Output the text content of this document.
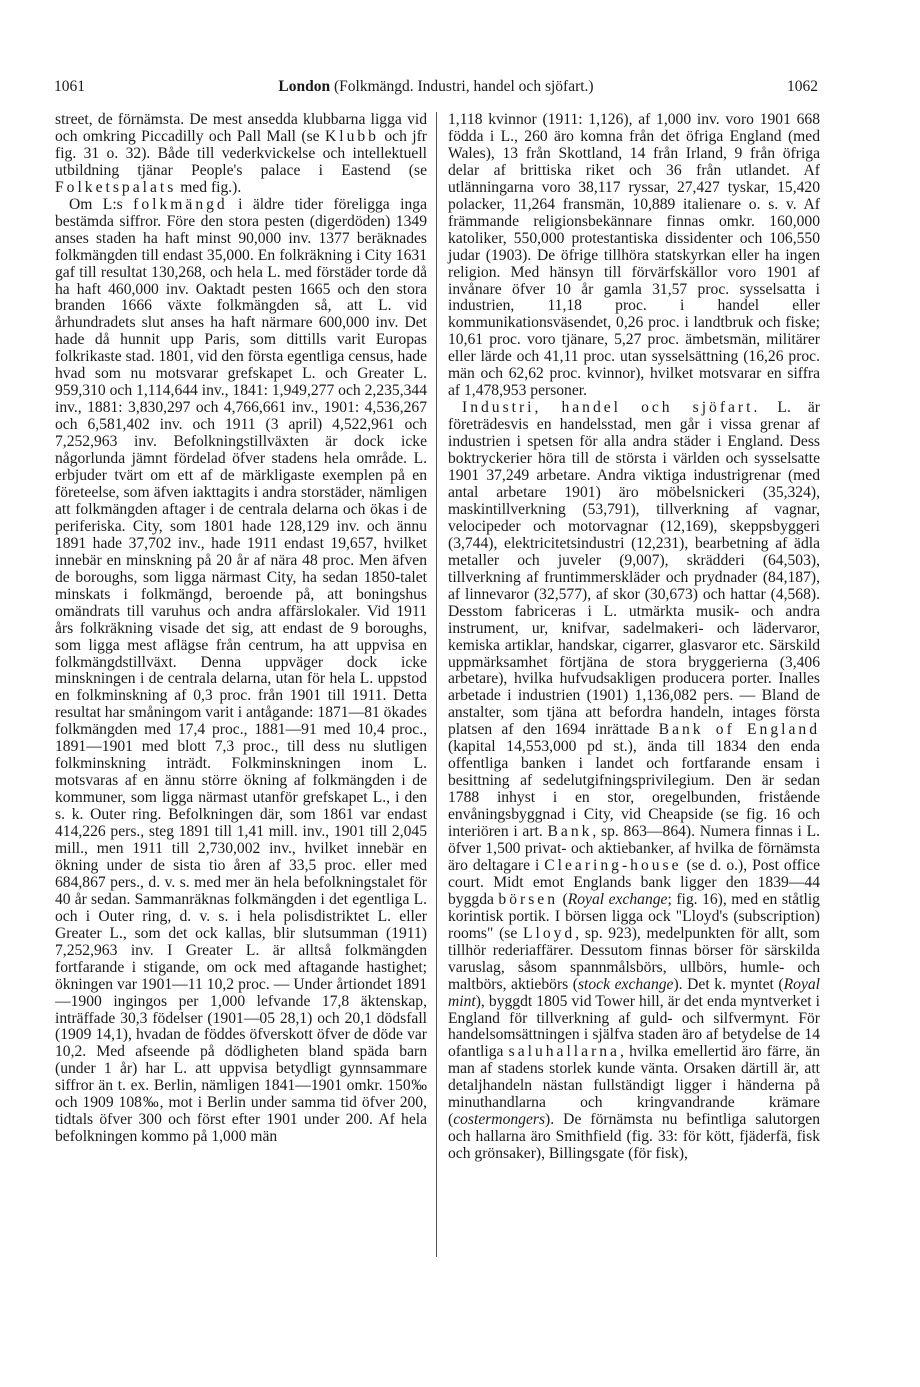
1061	London (Folkmängd. Industri, handel och sjöfart.)	1062

street, de förnämsta. De mest ansedda klubbarna ligga vid och omkring Piccadilly och Pall Mall (se Klubb och jfr fig. 31 o. 32). Både till vederkvickelse och intellektuell utbildning tjänar People's palace i Eastend (se Folketspalats med fig.).

Om L:s folkmängd i äldre tider föreligga inga bestämda siffror. Före den stora pesten (digerdöden) 1349 anses staden ha haft minst 90,000 inv. 1377 beräknades folkmängden till endast 35,000. En folkräkning i City 1631 gaf till resultat 130,268, och hela L. med förstäder torde då ha haft 460,000 inv. Oaktadt pesten 1665 och den stora branden 1666 växte folkmängden så, att L. vid århundradets slut anses ha haft närmare 600,000 inv. Det hade då hunnit upp Paris, som dittills varit Europas folkrikaste stad. 1801, vid den första egentliga census, hade hvad som nu motsvarar grefskapet L. och Greater L. 959,310 och 1,114,644 inv., 1841: 1,949,277 och 2,235,344 inv., 1881: 3,830,297 och 4,766,661 inv., 1901: 4,536,267 och 6,581,402 inv. och 1911 (3 april) 4,522,961 och 7,252,963 inv. Befolkningstillväxten är dock icke någorlunda jämnt fördelad öfver stadens hela område. L. erbjuder tvärt om ett af de märkligaste exemplen på en företeelse, som äfven iakttagits i andra storstäder, nämligen att folkmängden aftager i de centrala delarna och ökas i de periferiska. City, som 1801 hade 128,129 inv. och ännu 1891 hade 37,702 inv., hade 1911 endast 19,657, hvilket innebär en minskning på 20 år af nära 48 proc. Men äfven de boroughs, som ligga närmast City, ha sedan 1850-talet minskats i folkmängd, beroende på, att boningshus omändrats till varuhus och andra affärslokaler. Vid 1911 års folkräkning visade det sig, att endast de 9 boroughs, som ligga mest aflägse från centrum, ha att uppvisa en folkmängdstillväxt. Denna uppväger dock icke minskningen i de centrala delarna, utan för hela L. uppstod en folkminskning af 0,3 proc. från 1901 till 1911. Detta resultat har småningom varit i antågande: 1871—81 ökades folkmängden med 17,4 proc., 1881—91 med 10,4 proc., 1891—1901 med blott 7,3 proc., till dess nu slutligen folkminskning inträdt. Folkminskningen inom L. motsvaras af en ännu större ökning af folkmängden i de kommuner, som ligga närmast utanför grefskapet L., i den s. k. Outer ring. Befolkningen där, som 1861 var endast 414,226 pers., steg 1891 till 1,41 mill. inv., 1901 till 2,045 mill., men 1911 till 2,730,002 inv., hvilket innebär en ökning under de sista tio åren af 33,5 proc. eller med 684,867 pers., d. v. s. med mer än hela befolkningstalet för 40 år sedan. Sammanräknas folkmängden i det egentliga L. och i Outer ring, d. v. s. i hela polisdistriktet L. eller Greater L., som det ock kallas, blir slutsumman (1911) 7,252,963 inv. I Greater L. är alltså folkmängden fortfarande i stigande, om ock med aftagande hastighet; ökningen var 1901—11 10,2 proc. — Under årtiondet 1891—1900 ingingos per 1,000 lefvande 17,8 äktenskap, inträffade 30,3 födelser (1901—05 28,1) och 20,1 dödsfall (1909 14,1), hvadan de föddes öfverskott öfver de döde var 10,2. Med afseende på dödligheten bland späda barn (under 1 år) har L. att uppvisa betydligt gynnsammare siffror än t. ex. Berlin, nämligen 1841—1901 omkr. 150‰ och 1909 108‰, mot i Berlin under samma tid öfver 200, tidtals öfver 300 och först efter 1901 under 200. Af hela befolkningen kommo på 1,000 män

1,118 kvinnor (1911: 1,126), af 1,000 inv. voro 1901 668 födda i L., 260 äro komna från det öfriga England (med Wales), 13 från Skottland, 14 från Irland, 9 från öfriga delar af brittiska riket och 36 från utlandet. Af utlänningarna voro 38,117 ryssar, 27,427 tyskar, 15,420 polacker, 11,264 fransmän, 10,889 italienare o. s. v. Af främmande religionsbekännare finnas omkr. 160,000 katoliker, 550,000 protestantiska dissidenter och 106,550 judar (1903). De öfrige tillhöra statskyrkan eller ha ingen religion. Med hänsyn till förvärfskällor voro 1901 af invånare öfver 10 år gamla 31,57 proc. sysselsatta i industrien, 11,18 proc. i handel eller kommunikationsväsendet, 0,26 proc. i landtbruk och fiske; 10,61 proc. voro tjänare, 5,27 proc. ämbetsmän, militärer eller lärde och 41,11 proc. utan sysselsättning (16,26 proc. män och 62,62 proc. kvinnor), hvilket motsvarar en siffra af 1,478,953 personer.

Industri, handel och sjöfart. L. är företrädesvis en handelsstad, men går i vissa grenar af industrien i spetsen för alla andra städer i England. Dess boktryckerier höra till de största i världen och sysselsatte 1901 37,249 arbetare. Andra viktiga industrigrenar (med antal arbetare 1901) äro möbelsnickeri (35,324), maskintillverkning (53,791), tillverkning af vagnar, velocipeder och motorvagnar (12,169), skeppsbyggeri (3,744), elektricitetsindustri (12,231), bearbetning af ädla metaller och juveler (9,007), skrädderi (64,503), tillverkning af fruntimmerskläder och prydnader (84,187), af linnevaror (32,577), af skor (30,673) och hattar (4,568). Desstom fabriceras i L. utmärkta musik- och andra instrument, ur, knifvar, sadelmakeri- och lädervaror, kemiska artiklar, handskar, cigarrer, glasvaror etc. Särskild uppmärksamhet förtjäna de stora bryggerierna (3,406 arbetare), hvilka hufvudsakligen producera porter. Inalles arbetade i industrien (1901) 1,136,082 pers. — Bland de anstalter, som tjäna att befordra handeln, intages första platsen af den 1694 inrättade Bank of England (kapital 14,553,000 pd st.), ända till 1834 den enda offentliga banken i landet och fortfarande ensam i besittning af sedelutgifningsprivilegium. Den är sedan 1788 inhyst i en stor, oregelbunden, fristående envåningsbyggnad i City, vid Cheapside (se fig. 16 och interiören i art. Bank, sp. 863—864). Numera finnas i L. öfver 1,500 privat- och aktiebanker, af hvilka de förnämsta äro deltagare i Clearing-house (se d. o.), Post office court. Midt emot Englands bank ligger den 1839—44 byggda börsen (Royal exchange; fig. 16), med en ståtlig korintisk portik. I börsen ligga ock "Lloyd's (subscription) rooms" (se Lloyd, sp. 923), medelpunkten för allt, som tillhör rederiaffärer. Dessutom finnas börser för särskilda varuslag, såsom spannmålsbörs, ullbörs, humle- och maltbörs, aktiebörs (stock exchange). Det k. myntet (Royal mint), byggdt 1805 vid Tower hill, är det enda myntverket i England för tillverkning af guld- och silfvermynt. För handelsomsättningen i själfva staden äro af betydelse de 14 ofantliga saluhallarna, hvilka emellertid äro färre, än man af stadens storlek kunde vänta. Orsaken därtill är, att detaljhandeln nästan fullständigt ligger i händerna på minuthandlarna och kringvandrande krämare (costermongers). De förnämsta nu befintliga salutorgen och hallarna äro Smithfield (fig. 33: för kött, fjäderfä, fisk och grönsaker), Billingsgate (för fisk),
